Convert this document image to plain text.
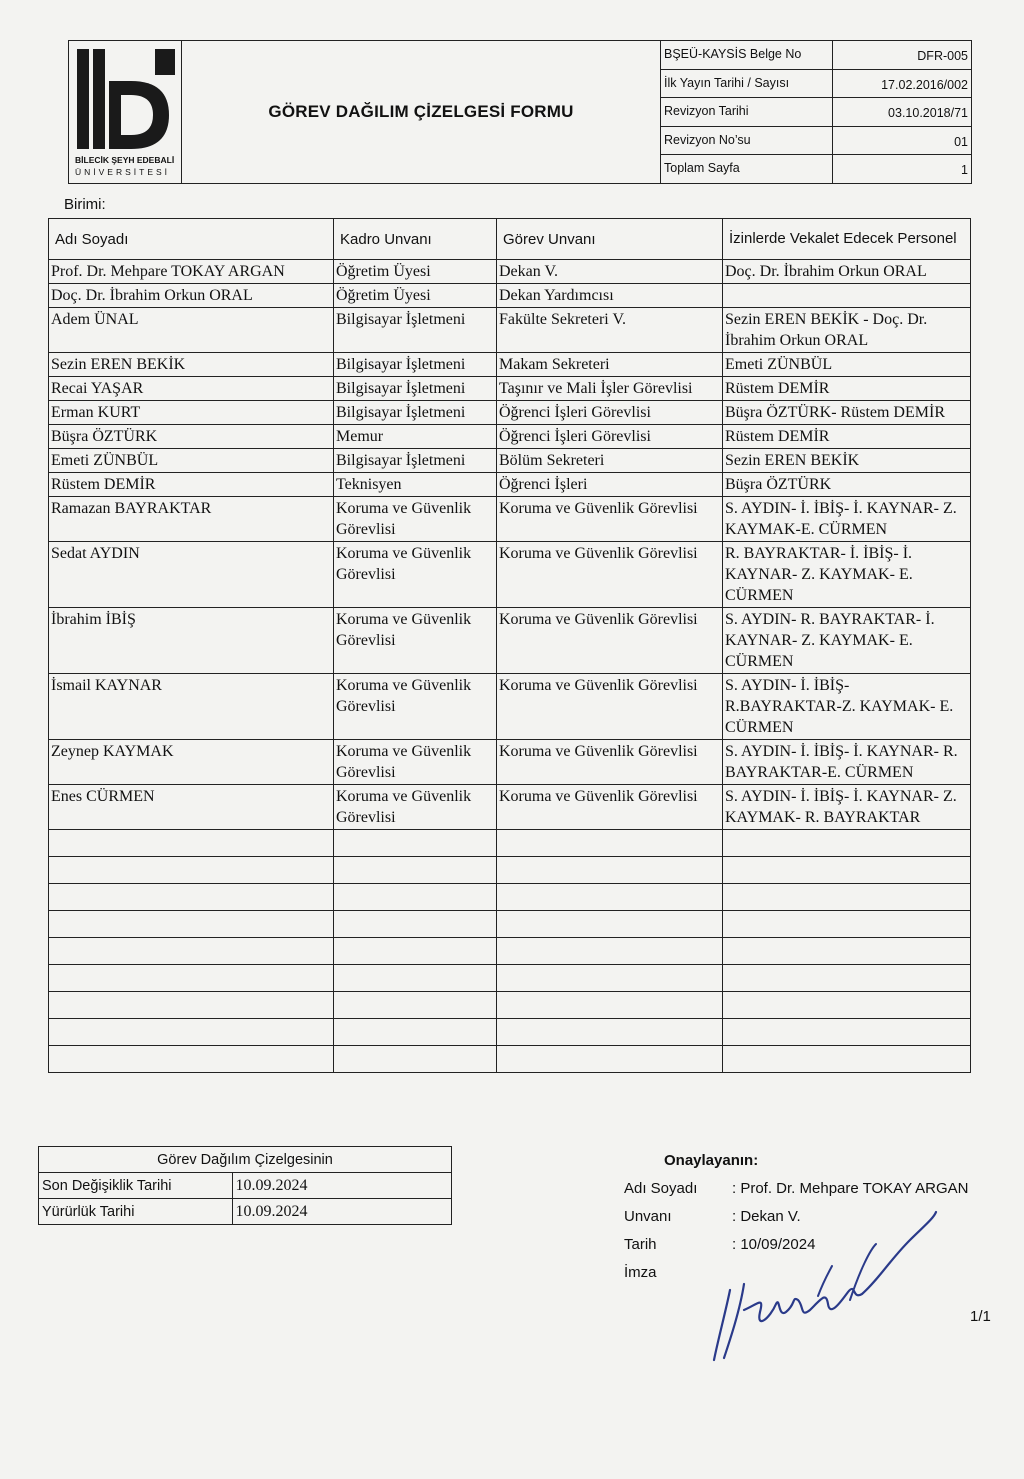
BİLECİK ŞEYH EDEBALİ
ÜNİVERSİTESİ
GÖREV DAĞILIM ÇİZELGESİ FORMU
BŞEÜ-KAYSİS Belge No	DFR-005
İlk Yayın Tarihi / Sayısı	17.02.2016/002
Revizyon Tarihi	03.10.2018/71
Revizyon No’su	01
Toplam Sayfa	1
Birimi:
Adı Soyadı	Kadro Unvanı	Görev Unvanı	İzinlerde Vekalet Edecek Personel
Prof. Dr. Mehpare TOKAY ARGAN	Öğretim Üyesi	Dekan V.	Doç. Dr. İbrahim Orkun ORAL
Doç. Dr. İbrahim Orkun ORAL	Öğretim Üyesi	Dekan Yardımcısı	
Adem ÜNAL	Bilgisayar İşletmeni	Fakülte Sekreteri V.	Sezin EREN BEKİK - Doç. Dr. İbrahim Orkun ORAL
Sezin EREN BEKİK	Bilgisayar İşletmeni	Makam Sekreteri	Emeti ZÜNBÜL
Recai YAŞAR	Bilgisayar İşletmeni	Taşınır ve Mali İşler Görevlisi	Rüstem DEMİR
Erman KURT	Bilgisayar İşletmeni	Öğrenci İşleri Görevlisi	Büşra ÖZTÜRK- Rüstem DEMİR
Büşra ÖZTÜRK	Memur	Öğrenci İşleri Görevlisi	Rüstem DEMİR
Emeti ZÜNBÜL	Bilgisayar İşletmeni	Bölüm Sekreteri	Sezin EREN BEKİK
Rüstem DEMİR	Teknisyen	Öğrenci İşleri	Büşra ÖZTÜRK
Ramazan BAYRAKTAR	Koruma ve Güvenlik Görevlisi	Koruma ve Güvenlik Görevlisi	S. AYDIN- İ. İBİŞ- İ. KAYNAR- Z. KAYMAK-E. CÜRMEN
Sedat AYDIN	Koruma ve Güvenlik Görevlisi	Koruma ve Güvenlik Görevlisi	R. BAYRAKTAR- İ. İBİŞ- İ. KAYNAR- Z. KAYMAK- E. CÜRMEN
İbrahim İBİŞ	Koruma ve Güvenlik Görevlisi	Koruma ve Güvenlik Görevlisi	S. AYDIN- R. BAYRAKTAR- İ. KAYNAR- Z. KAYMAK- E. CÜRMEN
İsmail KAYNAR	Koruma ve Güvenlik Görevlisi	Koruma ve Güvenlik Görevlisi	S. AYDIN- İ. İBİŞ- R.BAYRAKTAR-Z. KAYMAK- E. CÜRMEN
Zeynep KAYMAK	Koruma ve Güvenlik Görevlisi	Koruma ve Güvenlik Görevlisi	S. AYDIN- İ. İBİŞ- İ. KAYNAR- R. BAYRAKTAR-E. CÜRMEN
Enes CÜRMEN	Koruma ve Güvenlik Görevlisi	Koruma ve Güvenlik Görevlisi	S. AYDIN- İ. İBİŞ- İ. KAYNAR- Z. KAYMAK- R. BAYRAKTAR

Görev Dağılım Çizelgesinin	
Son Değişiklik Tarihi	10.09.2024
Yürürlük Tarihi	10.09.2024
Onaylayanın:
Adı Soyadı : Prof. Dr. Mehpare TOKAY ARGAN
Unvanı	: Dekan V.
Tarih	: 10/09/2024
İmza
1/1
